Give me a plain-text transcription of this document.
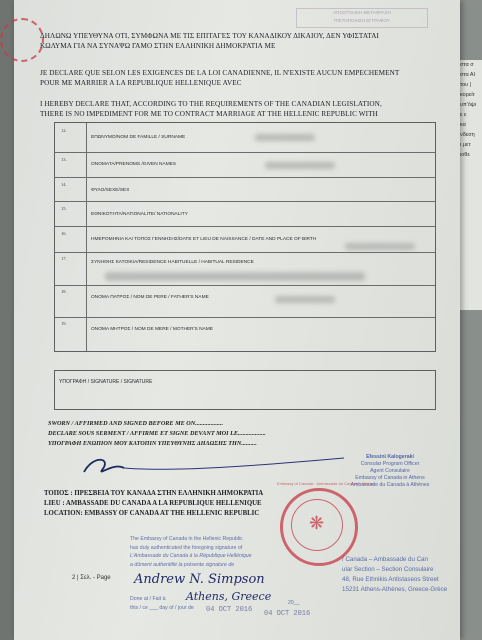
στα σ
στα ΑΙ
του |
κορείτ
υπ'όψι
ε ε
κα
νδεση
ι μετ
ιοθε
ΑΠΟΣΤΟΛΙΚΗ ΜΕΤΑΦΡΑΣΗ
ΠΙΣΤΟΠΟΙΗΣΗ ΕΓΓΡΑΦΟΥ
ΔΗΛΩΝΩ ΥΠΕΥΘΥΝΑ ΟΤΙ, ΣΥΜΦΩΝΑ ΜΕ ΤΙΣ ΕΠΙΤΑΓΕΣ ΤΟΥ ΚΑΝΑΔΙΚΟΥ ΔΙΚΑΙΟΥ, ΔΕΝ ΥΦΙΣΤΑΤΑΙ
ΚΩΛΥΜΑ ΓΙΑ ΝΑ ΣΥΝΑΨΩ ΓΑΜΟ ΣΤΗΝ ΕΛΛΗΝΙΚΗ ΔΗΜΟΚΡΑΤΙΑ ΜΕ
JE DECLARE QUE SELON LES EXIGENCES DE LA LOI CANADIENNE, IL N'EXISTE AUCUN EMPECHEMENT
POUR ME MARRIER A LA REPUBLIQUE HELLENIQUE AVEC
I HEREBY DECLARE THAT, ACCORDING TO THE REQUIREMENTS OF THE CANADIAN LEGISLATION,
THERE IS NO IMPEDIMENT FOR ME TO CONTRACT MARRIAGE AT THE HELLENIC REPUBLIC WITH
12.
ΕΠΩΝΥΜΟ/NOM DE FAMILLE / SURNAME
13.
ΟΝΟΜΑΤΑ/PRENOMS /GIVEN NAMES
14.
ΦΥΛΟ/SEXE/SEX
15.
ΕΘΝΙΚΟΤΗΤΑ/NATIONALITE/ NATIONALITY
16.
ΗΜΕΡΟΜΗΝΙΑ ΚΑΙ ΤΟΠΟΣ ΓΕΝΝΗΣΗΣ/DATE ET LIEU DE NAISSANCE / DATE AND PLACE OF BIRTH
17.
ΣΥΝΗΘΗΣ ΚΑΤΟΙΚΙΑ/RESIDENCE HABITUELLE / HABITUAL RESIDENCE
18.
ΟΝΟΜΑ ΠΑΤΡΟΣ / NOM DE PERE / FATHER'S NAME
19.
ΟΝΟΜΑ ΜΗΤΡΟΣ / NOM DE MERE / MOTHER'S NAME
ΥΠΟΓΡΑΦΗ / SIGNATURE / SIGNATURE
SWORN / AFFIRMED AND SIGNED BEFORE ME ON..................
DECLARE SOUS SERMENT / AFFIRME ET SIGNE DEVANT MOI LE..................
ΥΠΟΓΡΑΦΗ ΕΝΩΠΙΟΝ ΜΟΥ ΚΑΤΟΠΙΝ ΥΠΕΥΘΥΝΗΣ ΔΗΛΩΣΗΣ ΤΗΝ..........
Efessini Kalogeraki
Consular Program Officer
Agent Consulaire
Embassy of Canada in Athens
Ambassade du Canada à Athènes
ΤΟΠΟΣ : ΠΡΕΣΒΕΙΑ ΤΟΥ ΚΑΝΑΔΑ ΣΤΗΝ ΕΛΛΗΝΙΚΗ ΔΗΜΟΚΡΑΤΙΑ
LIEU : AMBASSADE DU CANADA A LA REPUBLIQUE HELLENIQUE
LOCATION: EMBASSY OF CANADA AT THE HELLENIC REPUBLIC	❋
Embassy of Canada · Ambassade du Canada · Athens
The Embassy of Canada in the Hellenic Republic
has duly authenticated the foregoing signature of
L'Ambassade du Canada à la République Hellénique
a dûment authentifié la présente signature de
Andrew N. Simpson
Done at / Fait à Athens, Greece
this / ce ___ day of / jour de 04 OCT 2016 04 OCT 2016
20__
/ Canada – Ambassade du Can
ular Section – Section Consulaire
48, Rue Ethnikis Antistaseos Street
15231 Athens-Athènes, Greece-Grèce
2 | Σελ. - Page
